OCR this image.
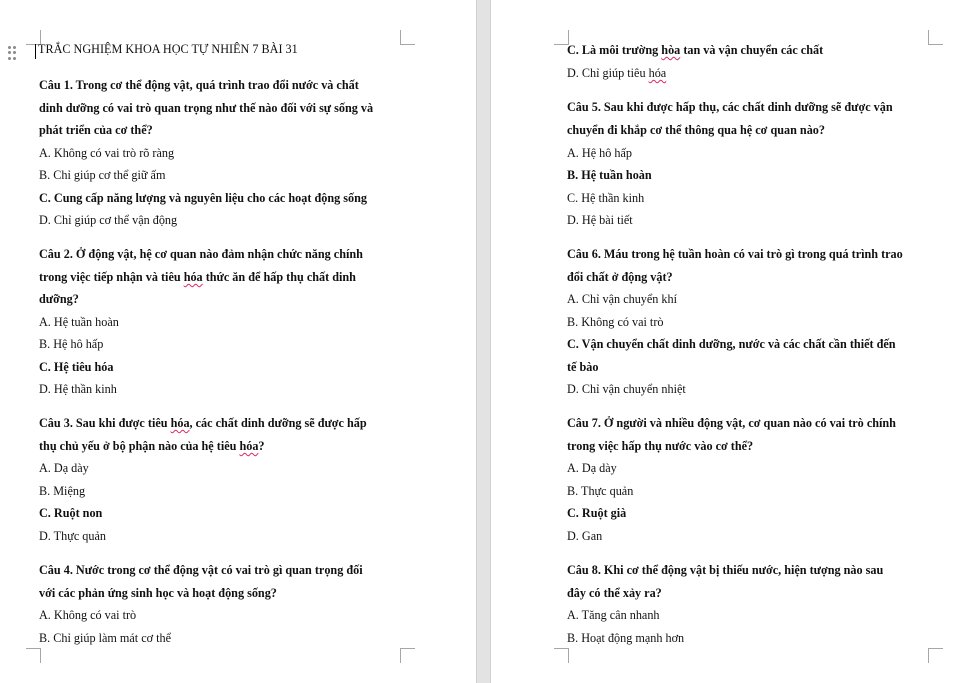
TRẮC NGHIỆM KHOA HỌC TỰ NHIÊN 7 BÀI 31
Câu 1. Trong cơ thể động vật, quá trình trao đổi nước và chất
dinh dưỡng có vai trò quan trọng như thế nào đối với sự sống và
phát triển của cơ thể?
A. Không có vai trò rõ ràng
B. Chỉ giúp cơ thể giữ ấm
C. Cung cấp năng lượng và nguyên liệu cho các hoạt động sống
D. Chỉ giúp cơ thể vận động
Câu 2. Ở động vật, hệ cơ quan nào đảm nhận chức năng chính
trong việc tiếp nhận và tiêu hóa thức ăn để hấp thụ chất dinh
dưỡng?
A. Hệ tuần hoàn
B. Hệ hô hấp
C. Hệ tiêu hóa
D. Hệ thần kinh
Câu 3. Sau khi được tiêu hóa, các chất dinh dưỡng sẽ được hấp
thụ chủ yếu ở bộ phận nào của hệ tiêu hóa?
A. Dạ dày
B. Miệng
C. Ruột non
D. Thực quản
Câu 4. Nước trong cơ thể động vật có vai trò gì quan trọng đối
với các phản ứng sinh học và hoạt động sống?
A. Không có vai trò
B. Chỉ giúp làm mát cơ thể
C. Là môi trường hòa tan và vận chuyển các chất
D. Chỉ giúp tiêu hóa
Câu 5. Sau khi được hấp thụ, các chất dinh dưỡng sẽ được vận
chuyển đi khắp cơ thể thông qua hệ cơ quan nào?
A. Hệ hô hấp
B. Hệ tuần hoàn
C. Hệ thần kinh
D. Hệ bài tiết
Câu 6. Máu trong hệ tuần hoàn có vai trò gì trong quá trình trao
đổi chất ở động vật?
A. Chỉ vận chuyển khí
B. Không có vai trò
C. Vận chuyển chất dinh dưỡng, nước và các chất cần thiết đến
tế bào
D. Chỉ vận chuyển nhiệt
Câu 7. Ở người và nhiều động vật, cơ quan nào có vai trò chính
trong việc hấp thụ nước vào cơ thể?
A. Dạ dày
B. Thực quản
C. Ruột già
D. Gan
Câu 8. Khi cơ thể động vật bị thiếu nước, hiện tượng nào sau
đây có thể xảy ra?
A. Tăng cân nhanh
B. Hoạt động mạnh hơn
